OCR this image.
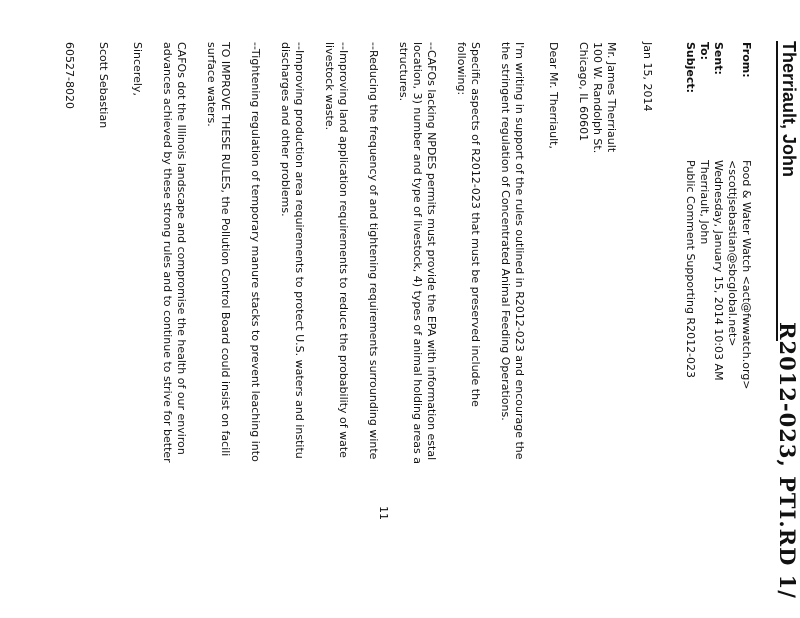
R2012-023, PTI.RD 1/
Therriault, John
From:
Food & Water Watch <act@fwwatch.org>
<scottjsebastian@sbcglobal.net>
Sent:
Wednesday, January 15, 2014 10:03 AM
To:
Therriault, John
Subject:
Public Comment Supporting R2012-023
Jan 15, 2014
Mr. James Therriault
100 W. Randolph St.
Chicago, IL 60601
Dear Mr. Therriault,
I'm writing in support of the rules outlined in R2012-023 and encourage the
the stringent regulation of Concentrated Animal Feeding Operations.
Specific aspects of R2012-023 that must be preserved include the
following:
--CAFOs lacking NPDES permits must provide the EPA with information estal
location, 3) number and type of livestock, 4) types of animal holding areas a
structures.
--Reducing the frequency of and tightening requirements surrounding winte
--Improving land application requirements to reduce the probability of wate
livestock waste.
--Improving production area requirements to protect U.S. waters and institu
discharges and other problems.
--Tightening regulation of temporary manure stacks to prevent leaching into
TO IMPROVE THESE RULES, the Pollution Control Board could insist on facili
surface waters.
CAFOs dot the Illinois landscape and compromise the health of our environ
advances achieved by these strong rules and to continue to strive for better
Sincerely,
Scott Sebastian
60527-8020
11
